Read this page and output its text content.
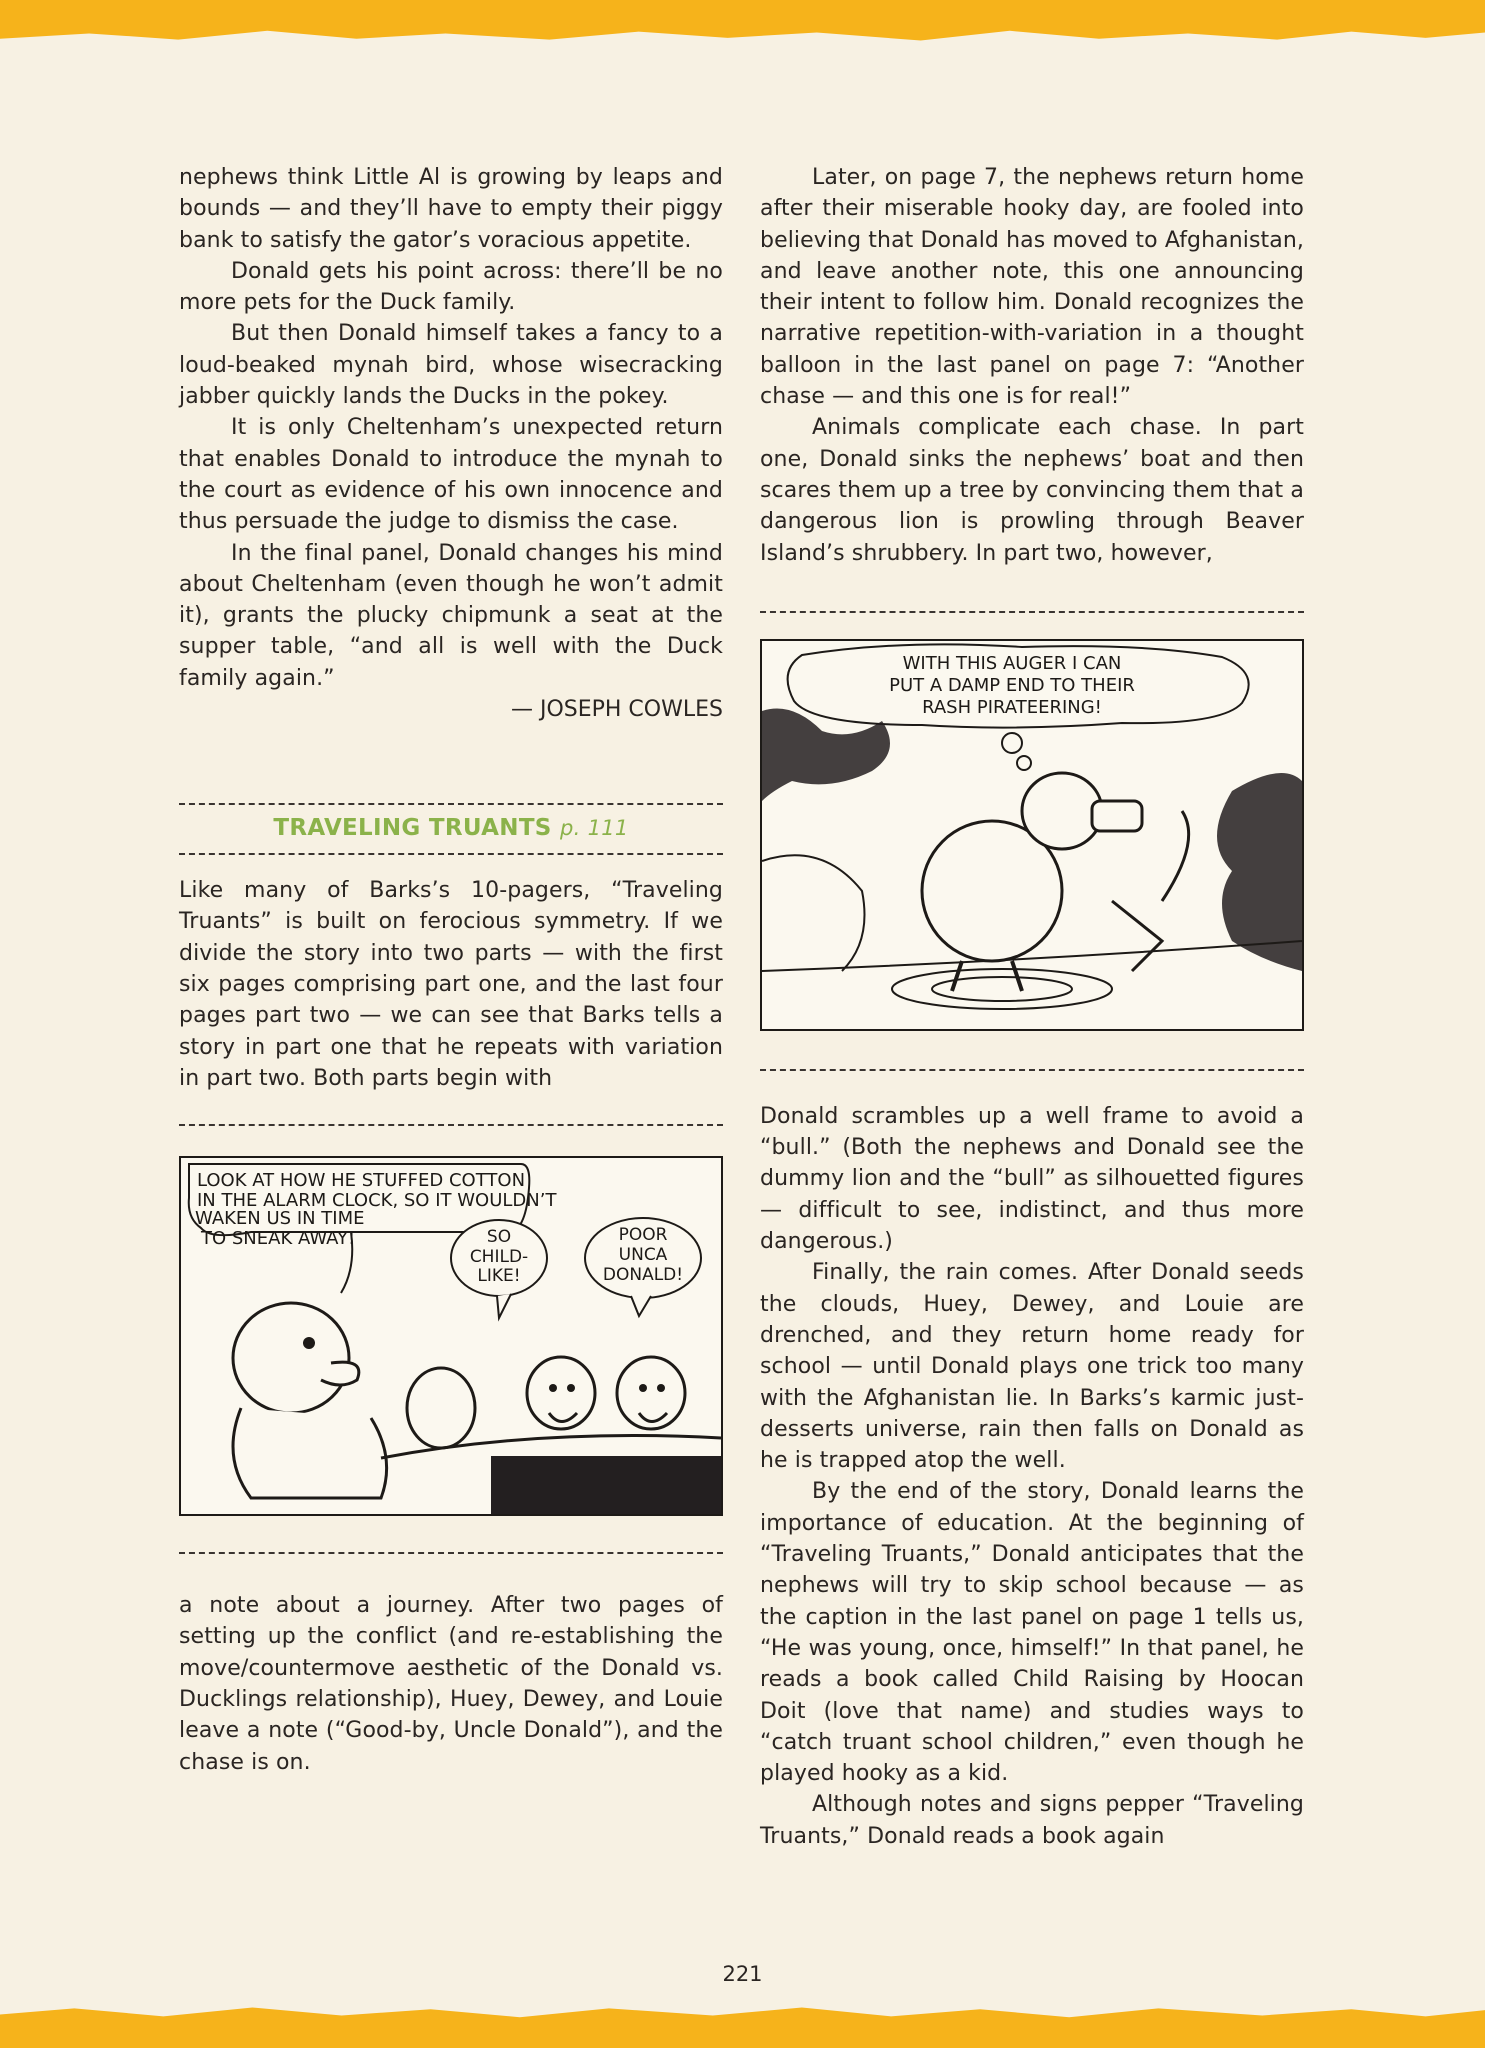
nephews think Little Al is growing by leaps and bounds — and they’ll have to empty their piggy bank to satisfy the gator’s voracious appetite.

Donald gets his point across: there’ll be no more pets for the Duck family.

But then Donald himself takes a fancy to a loud-beaked mynah bird, whose wisecracking jabber quickly lands the Ducks in the pokey.

It is only Cheltenham’s unexpected return that enables Donald to introduce the mynah to the court as evidence of his own innocence and thus persuade the judge to dismiss the case.

In the final panel, Donald changes his mind about Cheltenham (even though he won’t admit it), grants the plucky chipmunk a seat at the supper table, “and all is well with the Duck family again.”

— JOSEPH COWLES

TRAVELING TRUANTS p. 111

Like many of Barks’s 10-pagers, “Traveling Truants” is built on ferocious symmetry. If we divide the story into two parts — with the first six pages comprising part one, and the last four pages part two — we can see that Barks tells a story in part one that he repeats with variation in part two. Both parts begin with

LOOK AT HOW HE STUFFED COTTON
IN THE ALARM CLOCK, SO IT WOULDN’T
WAKEN US IN TIME
TO SNEAK AWAY!	SO
CHILD-
LIKE!
POOR
UNCA
DONALD!

a note about a journey. After two pages of setting up the conflict (and re-establishing the move/countermove aesthetic of the Donald vs. Ducklings relationship), Huey, Dewey, and Louie leave a note (“Good-by, Uncle Donald”), and the chase is on.

Later, on page 7, the nephews return home after their miserable hooky day, are fooled into believing that Donald has moved to Afghanistan, and leave another note, this one announcing their intent to follow him. Donald recognizes the narrative repetition-with-variation in a thought balloon in the last panel on page 7: “Another chase — and this one is for real!”

Animals complicate each chase. In part one, Donald sinks the nephews’ boat and then scares them up a tree by convincing them that a dangerous lion is prowling through Beaver Island’s shrubbery. In part two, however,

WITH THIS AUGER I CAN
PUT A DAMP END TO THEIR
RASH PIRATEERING!

Donald scrambles up a well frame to avoid a “bull.” (Both the nephews and Donald see the dummy lion and the “bull” as silhouetted figures — difficult to see, indistinct, and thus more dangerous.)

Finally, the rain comes. After Donald seeds the clouds, Huey, Dewey, and Louie are drenched, and they return home ready for school — until Donald plays one trick too many with the Afghanistan lie. In Barks’s karmic just-desserts universe, rain then falls on Donald as he is trapped atop the well.

By the end of the story, Donald learns the importance of education. At the beginning of “Traveling Truants,” Donald anticipates that the nephews will try to skip school because — as the caption in the last panel on page 1 tells us, “He was young, once, himself!” In that panel, he reads a book called Child Raising by Hoocan Doit (love that name) and studies ways to “catch truant school children,” even though he played hooky as a kid.

Although notes and signs pepper “Traveling Truants,” Donald reads a book again

221
